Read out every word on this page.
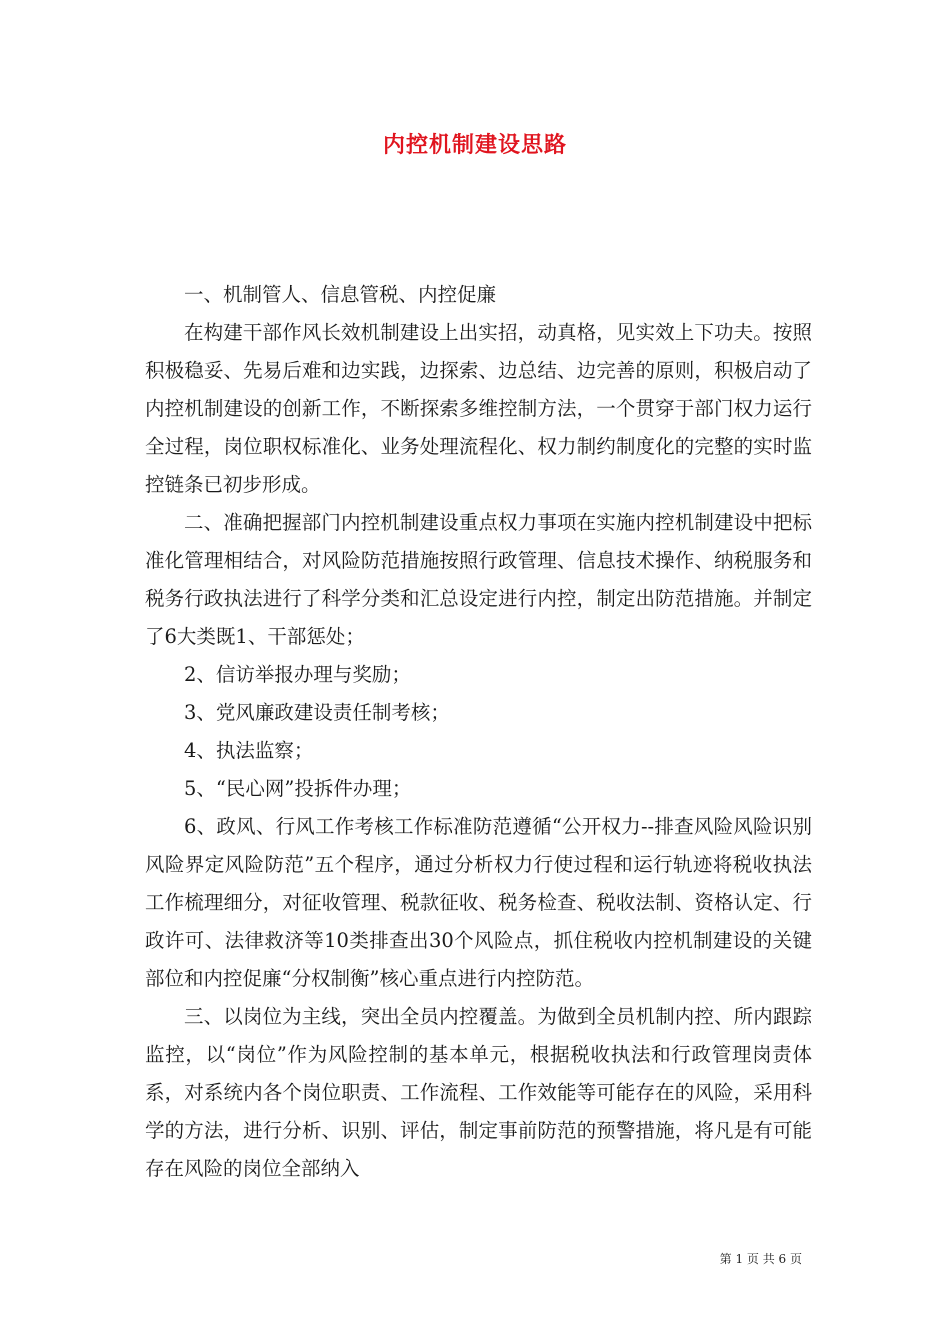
内控机制建设思路

一、机制管人、信息管税、内控促廉

在构建干部作风长效机制建设上出实招，动真格，见实效上下功夫。按照积极稳妥、先易后难和边实践，边探索、边总结、边完善的原则，积极启动了内控机制建设的创新工作，不断探索多维控制方法，一个贯穿于部门权力运行全过程，岗位职权标准化、业务处理流程化、权力制约制度化的完整的实时监控链条已初步形成。

二、准确把握部门内控机制建设重点权力事项在实施内控机制建设中把标准化管理相结合，对风险防范措施按照行政管理、信息技术操作、纳税服务和税务行政执法进行了科学分类和汇总设定进行内控，制定出防范措施。并制定了6大类既1、干部惩处；

2、信访举报办理与奖励；

3、党风廉政建设责任制考核；

4、执法监察；

5、“民心网”投拆件办理；

6、政风、行风工作考核工作标准防范遵循“公开权力--排查风险风险识别风险界定风险防范”五个程序，通过分析权力行使过程和运行轨迹将税收执法工作梳理细分，对征收管理、税款征收、税务检查、税收法制、资格认定、行政许可、法律救济等10类排查出30个风险点，抓住税收内控机制建设的关键部位和内控促廉“分权制衡”核心重点进行内控防范。

三、以岗位为主线，突出全员内控覆盖。为做到全员机制内控、所内跟踪监控，以“岗位”作为风险控制的基本单元，根据税收执法和行政管理岗责体系，对系统内各个岗位职责、工作流程、工作效能等可能存在的风险，采用科学的方法，进行分析、识别、评估，制定事前防范的预警措施，将凡是有可能存在风险的岗位全部纳入

第 1 页 共 6 页
